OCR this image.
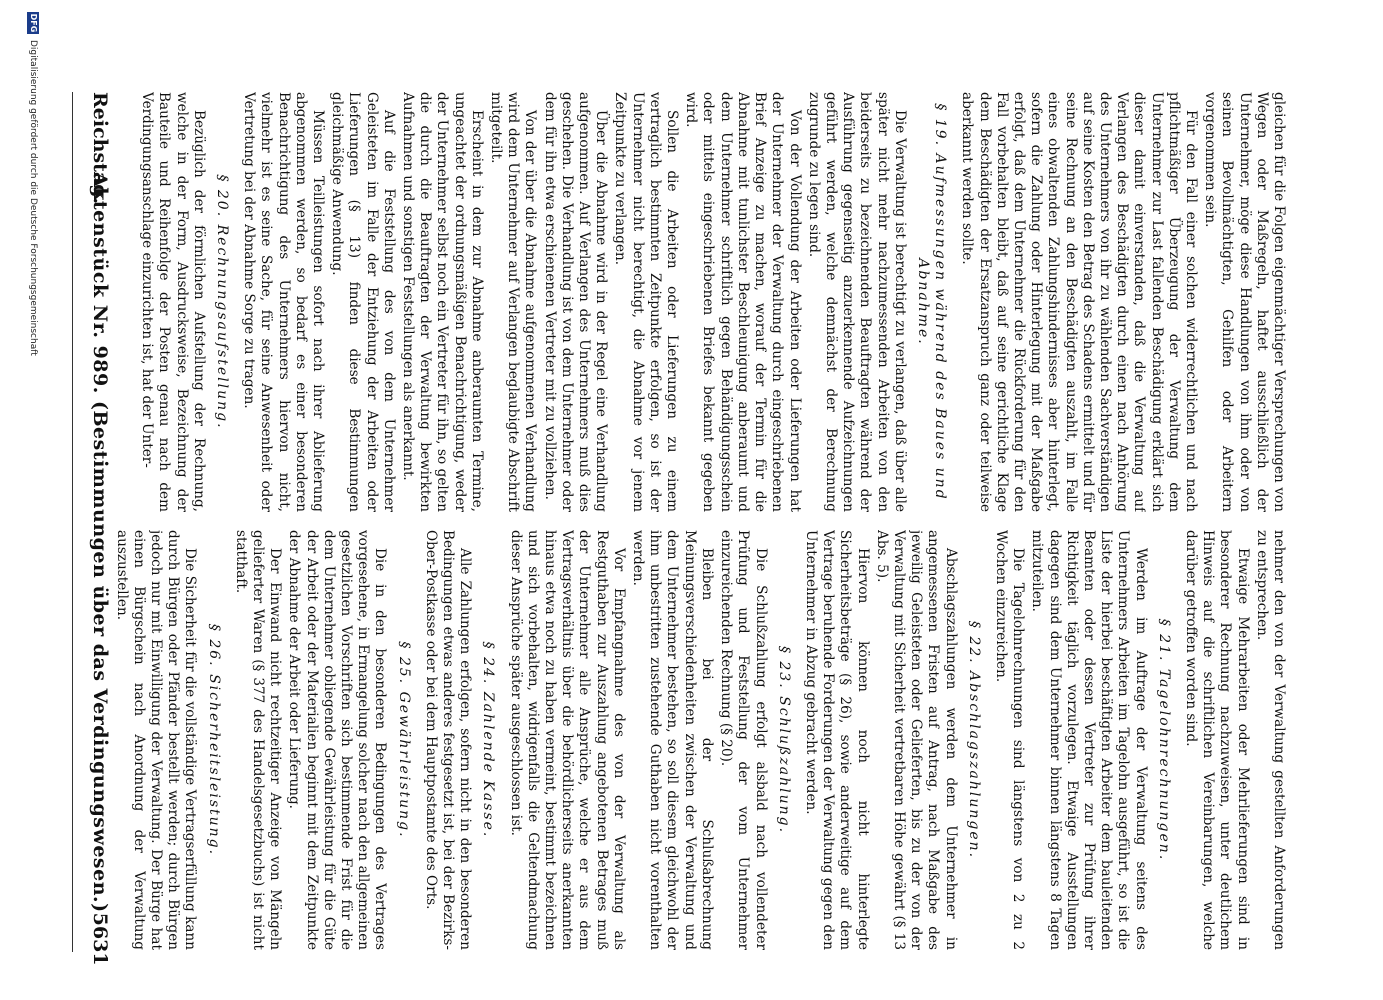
Reichstag.
Aktenstück Nr. 989. (Bestimmungen über das Verdingungswesen.)
5631

gleichen für die Folgen eigenmächtiger Versprechungen von Wegen oder Maßregeln, haftet ausschließlich der Unternehmer, möge diese Handlungen von ihm oder von seinen Bevollmächtigten, Gehilfen oder Arbeitern vorgenommen sein.

Für den Fall einer solchen widerrechtlichen und nach pflichtmäßiger Überzeugung der Verwaltung dem Unternehmer zur Last fallenden Beschädigung erklärt sich dieser damit einverstanden, daß die Verwaltung auf Verlangen des Beschädigten durch einen nach Anhörung des Unternehmers von ihr zu wählenden Sachverständigen auf seine Kosten den Betrag des Schadens ermittelt und für seine Rechnung an den Beschädigten auszahlt, im Falle eines obwaltenden Zahlungshindernisses aber hinterlegt, sofern die Zahlung oder Hinterlegung mit der Maßgabe erfolgt, daß dem Unternehmer die Rückforderung für den Fall vorbehalten bleibt, daß auf seine gerichtliche Klage dem Beschädigten der Ersatzanspruch ganz oder teilweise aberkannt werden sollte.

§ 19. Aufmessungen während des Baues und Abnahme.

Die Verwaltung ist berechtigt zu verlangen, daß über alle später nicht mehr nachzumessenden Arbeiten von den beiderseits zu bezeichnenden Beauftragten während der Ausführung gegenseitig anzuerkennende Aufzeichnungen geführt werden, welche demnächst der Berechnung zugrunde zu legen sind.

Von der Vollendung der Arbeiten oder Lieferungen hat der Unternehmer der Verwaltung durch eingeschriebenen Brief Anzeige zu machen, worauf der Termin für die Abnahme mit tunlichster Beschleunigung anberaumt und dem Unternehmer schriftlich gegen Behändigungsschein oder mittels eingeschriebenen Briefes bekannt gegeben wird.

Sollen die Arbeiten oder Lieferungen zu einem vertraglich bestimmten Zeitpunkte erfolgen, so ist der Unternehmer nicht berechtigt, die Abnahme vor jenem Zeitpunkte zu verlangen.

Über die Abnahme wird in der Regel eine Verhandlung aufgenommen. Auf Verlangen des Unternehmers muß dies geschehen. Die Verhandlung ist von dem Unternehmer oder dem für ihn etwa erschienenen Vertreter mit zu vollziehen.

Von der über die Abnahme aufgenommenen Verhandlung wird dem Unternehmer auf Verlangen beglaubigte Abschrift mitgeteilt.

Erscheint in dem zur Abnahme anberaumten Termine, ungeachtet der ordnungsmäßigen Benachrichtigung, weder der Unternehmer selbst noch ein Vertreter für ihn, so gelten die durch die Beauftragten der Verwaltung bewirkten Aufnahmen und sonstigen Feststellungen als anerkannt.

Auf die Feststellung des von dem Unternehmer Geleisteten im Falle der Entziehung der Arbeiten oder Lieferungen (§ 13) finden diese Bestimmungen gleichmäßige Anwendung.

Müssen Teilleistungen sofort nach ihrer Ablieferung abgenommen werden, so bedarf es einer besonderen Benachrichtigung des Unternehmers hiervon nicht, vielmehr ist es seine Sache, für seine Anwesenheit oder Vertretung bei der Abnahme Sorge zu tragen.

§ 20. Rechnungsaufstellung.

Bezüglich der förmlichen Aufstellung der Rechnung, welche in der Form, Ausdrucksweise, Bezeichnung der Bauteile und Reihenfolge der Posten genau nach dem Verdingungsanschlage einzurichten ist, hat der Unter-

nehmer den von der Verwaltung gestellten Anforderungen zu entsprechen.

Etwaige Mehrarbeiten oder Mehrlieferungen sind in besonderer Rechnung nachzuweisen, unter deutlichem Hinweis auf die schriftlichen Vereinbarungen, welche darüber getroffen worden sind.

§ 21. Tagelohnrechnungen.

Werden im Auftrage der Verwaltung seitens des Unternehmers Arbeiten im Tagelohn ausgeführt, so ist die Liste der hierbei beschäftigten Arbeiter dem bauleitenden Beamten oder dessen Vertreter zur Prüfung ihrer Richtigkeit täglich vorzulegen. Etwaige Ausstellungen dagegen sind dem Unternehmer binnen längstens 8 Tagen mitzuteilen.

Die Tagelohnrechnungen sind längstens von 2 zu 2 Wochen einzureichen.

§ 22. Abschlagszahlungen.

Abschlagszahlungen werden dem Unternehmer in angemessenen Fristen auf Antrag, nach Maßgabe des jeweilig Geleisteten oder Gelieferten, bis zu der von der Verwaltung mit Sicherheit vertretbaren Höhe gewährt (§ 13 Abs. 5).

Hiervon können noch nicht hinterlegte Sicherheitsbeträge (§ 26), sowie anderweitige auf dem Vertrage beruhende Forderungen der Verwaltung gegen den Unternehmer in Abzug gebracht werden.

§ 23. Schlußzahlung.

Die Schlußzahlung erfolgt alsbald nach vollendeter Prüfung und Feststellung der vom Unternehmer einzureichenden Rechnung (§ 20).

Bleiben bei der Schlußabrechnung Meinungsverschiedenheiten zwischen der Verwaltung und dem Unternehmer bestehen, so soll diesem gleichwohl der ihm unbestritten zustehende Guthaben nicht vorenthalten werden.

Vor Empfangnahme des von der Verwaltung als Restguthaben zur Auszahlung angebotenen Betrages muß der Unternehmer alle Ansprüche, welche er aus dem Vertragsverhältnis über die behördlicherseits anerkannten hinaus etwa noch zu haben vermeint, bestimmt bezeichnen und sich vorbehalten, widrigenfalls die Geltendmachung dieser Ansprüche später ausgeschlossen ist.

§ 24. Zahlende Kasse.

Alle Zahlungen erfolgen, sofern nicht in den besonderen Bedingungen etwas anderes festgesetzt ist, bei der Bezirks-Ober-Postkasse oder bei dem Hauptpostamte des Orts.

§ 25. Gewährleistung.

Die in den besonderen Bedingungen des Vertrages vorgesehene, in Ermangelung solcher nach den allgemeinen gesetzlichen Vorschriften sich bestimmende Frist für die dem Unternehmer obliegende Gewährleistung für die Güte der Arbeit oder der Materialien beginnt mit dem Zeitpunkte der Abnahme der Arbeit oder Lieferung.

Der Einwand nicht rechtzeitiger Anzeige von Mängeln gelieferter Waren (§ 377 des Handelsgesetzbuchs) ist nicht statthaft.

§ 26. Sicherheitsleistung.

Die Sicherheit für die vollständige Vertragserfüllung kann durch Bürgen oder Pfänder bestellt werden; durch Bürgen jedoch nur mit Einwilligung der Verwaltung. Der Bürge hat einen Bürgschein nach Anordnung der Verwaltung auszustellen.

DFG
Digitalisierung gefördert durch die Deutsche Forschungsgemeinschaft
